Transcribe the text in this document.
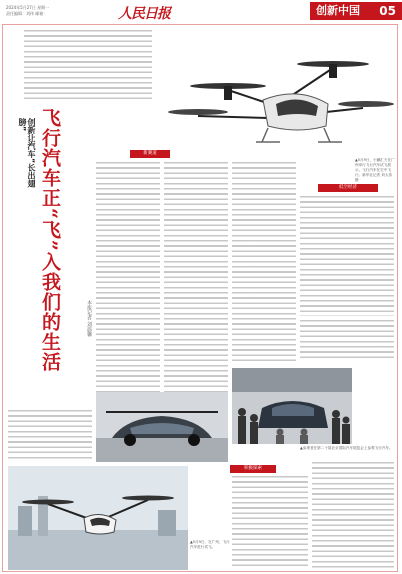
2024年5月27日 星期一
责任编辑：刘伟 邮箱：	人民日报	创新中国 05
▲5月9日，小鹏汇天在广州举行飞行汽车试飞展示，飞行汽车在空中飞行。新华社记者 刘大伟摄
创新让汽车“长出翅膀” 飞行汽车正“飞”入我们的生活	本报记者 刘温馨
新赛道
低空经济
▲参观者在第二十届北京国际汽车展览会上参观飞行汽车。
积极探索
▲5月9日，在广州，飞行汽车进行试飞。
